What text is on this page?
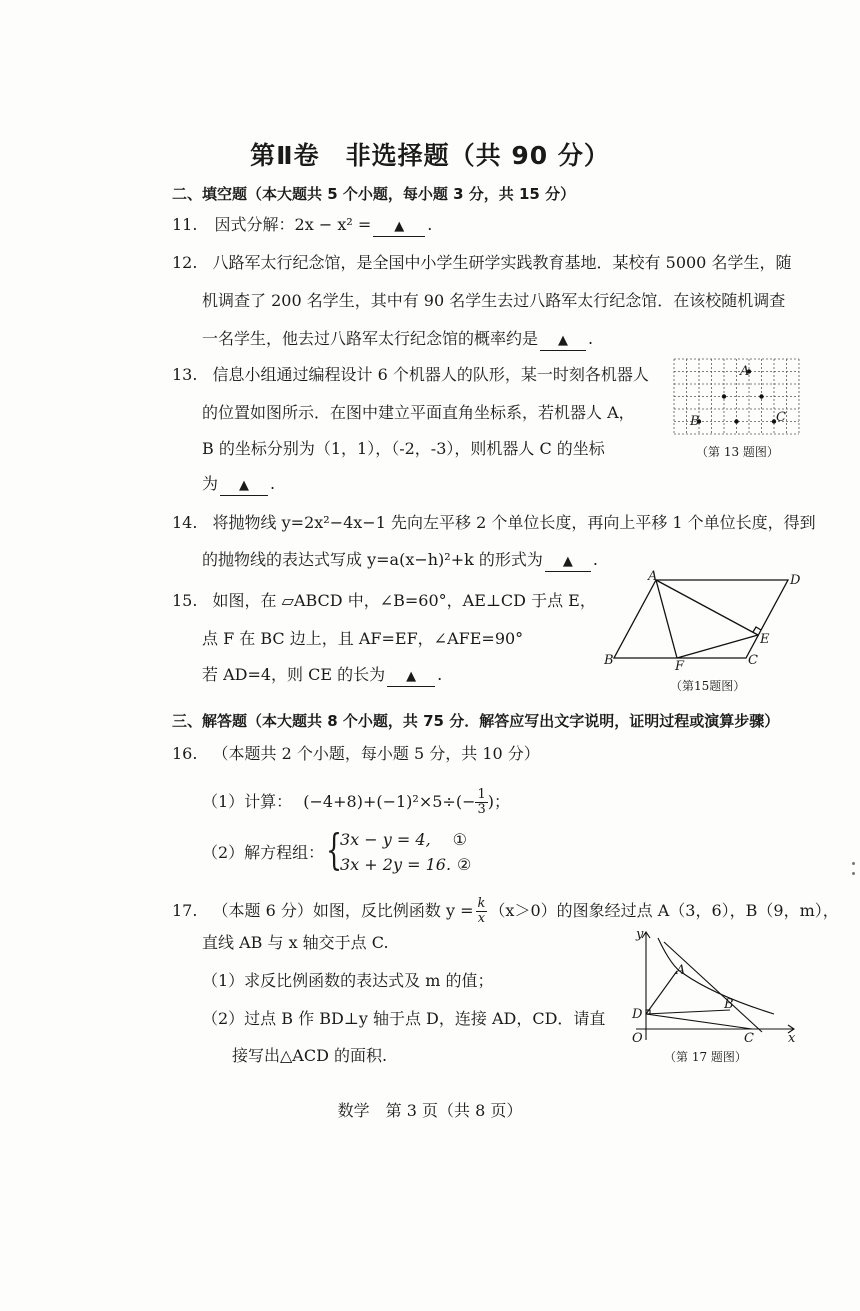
第Ⅱ卷　非选择题（共 90 分）
二、填空题（本大题共 5 个小题，每小题 3 分，共 15 分）
11. 因式分解：2x − x² = ▲ .
12. 八路军太行纪念馆，是全国中小学生研学实践教育基地．某校有 5000 名学生，随
机调查了 200 名学生，其中有 90 名学生去过八路军太行纪念馆．在该校随机调查
一名学生，他去过八路军太行纪念馆的概率约是 ▲ .
13. 信息小组通过编程设计 6 个机器人的队形，某一时刻各机器人
的位置如图所示．在图中建立平面直角坐标系，若机器人 A，
B 的坐标分别为（1，1），（-2，-3），则机器人 C 的坐标
为 ▲ .
A
B	C
（第 13 题图）
14. 将抛物线 y=2x²−4x−1 先向左平移 2 个单位长度，再向上平移 1 个单位长度，得到
的抛物线的表达式写成 y=a(x−h)²+k 的形式为 ▲ .
15. 如图，在 ▱ABCD 中，∠B=60°，AE⊥CD 于点 E，
点 F 在 BC 边上，且 AF=EF，∠AFE=90°
若 AD=4，则 CE 的长为 ▲ .
A	D
E
C
B	F
（第15题图）
三、解答题（本大题共 8 个小题，共 75 分．解答应写出文字说明，证明过程或演算步骤）
16. （本题共 2 个小题，每小题 5 分，共 10 分）
（1）计算： $(-4+8)+(-1)^2\times 5\div(- \frac{1}{3}$ )；
（2）解方程组： {
3x − y = 4, ①
3x + 2y = 16. ②
17. （本题 6 分）如图，反比例函数 $y = \frac{k}{x} (x>0)$的图象经过点 A（3，6），B（9，m），
直线 AB 与 x 轴交于点 C.
（1）求反比例函数的表达式及 m 的值；
（2）过点 B 作 BD⊥y 轴于点 D，连接 AD，CD．请直
接写出△ACD 的面积.
y
x
A
B
C
D
O
（第 17 题图）
数学　第 3 页（共 8 页）
